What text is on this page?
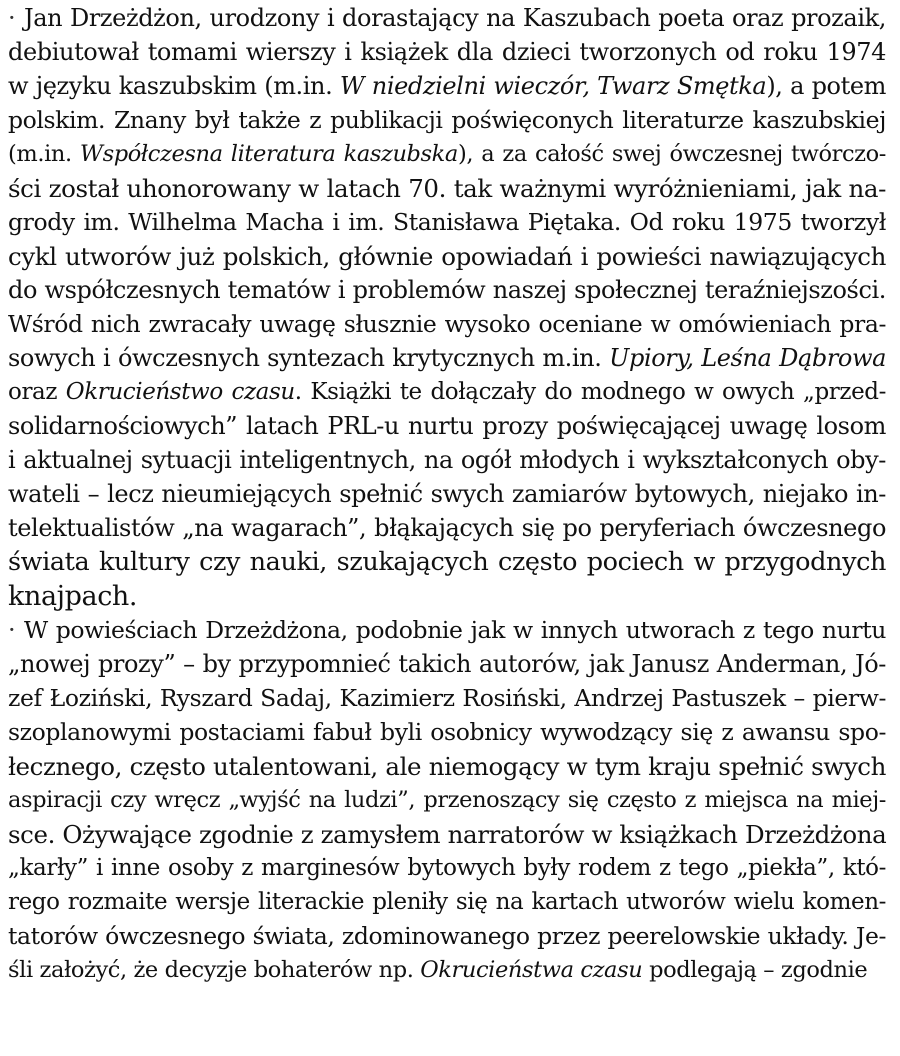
· Jan Drzeżdżon, urodzony i dorastający na Kaszubach poeta oraz prozaik,
debiutował tomami wierszy i książek dla dzieci tworzonych od roku 1974
w języku kaszubskim (m.in. W niedzielni wieczór, Twarz Smętka), a potem
polskim. Znany był także z publikacji poświęconych literaturze kaszubskiej
(m.in. Współczesna literatura kaszubska), a za całość swej ówczesnej twórczo-
ści został uhonorowany w latach 70. tak ważnymi wyróżnieniami, jak na-
grody im. Wilhelma Macha i im. Stanisława Piętaka. Od roku 1975 tworzył
cykl utworów już polskich, głównie opowiadań i powieści nawiązujących
do współczesnych tematów i problemów naszej społecznej teraźniejszości.
Wśród nich zwracały uwagę słusznie wysoko oceniane w omówieniach pra-
sowych i ówczesnych syntezach krytycznych m.in. Upiory, Leśna Dąbrowa
oraz Okrucieństwo czasu. Książki te dołączały do modnego w owych „przed-
solidarnościowych” latach PRL-u nurtu prozy poświęcającej uwagę losom
i aktualnej sytuacji inteligentnych, na ogół młodych i wykształconych oby-
wateli – lecz nieumiejących spełnić swych zamiarów bytowych, niejako in-
telektualistów „na wagarach”, błąkających się po peryferiach ówczesnego
świata kultury czy nauki, szukających często pociech w przygodnych
knajpach.
· W powieściach Drzeżdżona, podobnie jak w innych utworach z tego nurtu
„nowej prozy” – by przypomnieć takich autorów, jak Janusz Anderman, Jó-
zef Łoziński, Ryszard Sadaj, Kazimierz Rosiński, Andrzej Pastuszek – pierw-
szoplanowymi postaciami fabuł byli osobnicy wywodzący się z awansu spo-
łecznego, często utalentowani, ale niemogący w tym kraju spełnić swych
aspiracji czy wręcz „wyjść na ludzi”, przenoszący się często z miejsca na miej-
sce. Ożywające zgodnie z zamysłem narratorów w książkach Drzeżdżona
„karły” i inne osoby z marginesów bytowych były rodem z tego „piekła”, któ-
rego rozmaite wersje literackie pleniły się na kartach utworów wielu komen-
tatorów ówczesnego świata, zdominowanego przez peerelowskie układy. Je-
śli założyć, że decyzje bohaterów np. Okrucieństwa czasu podlegają – zgodnie
